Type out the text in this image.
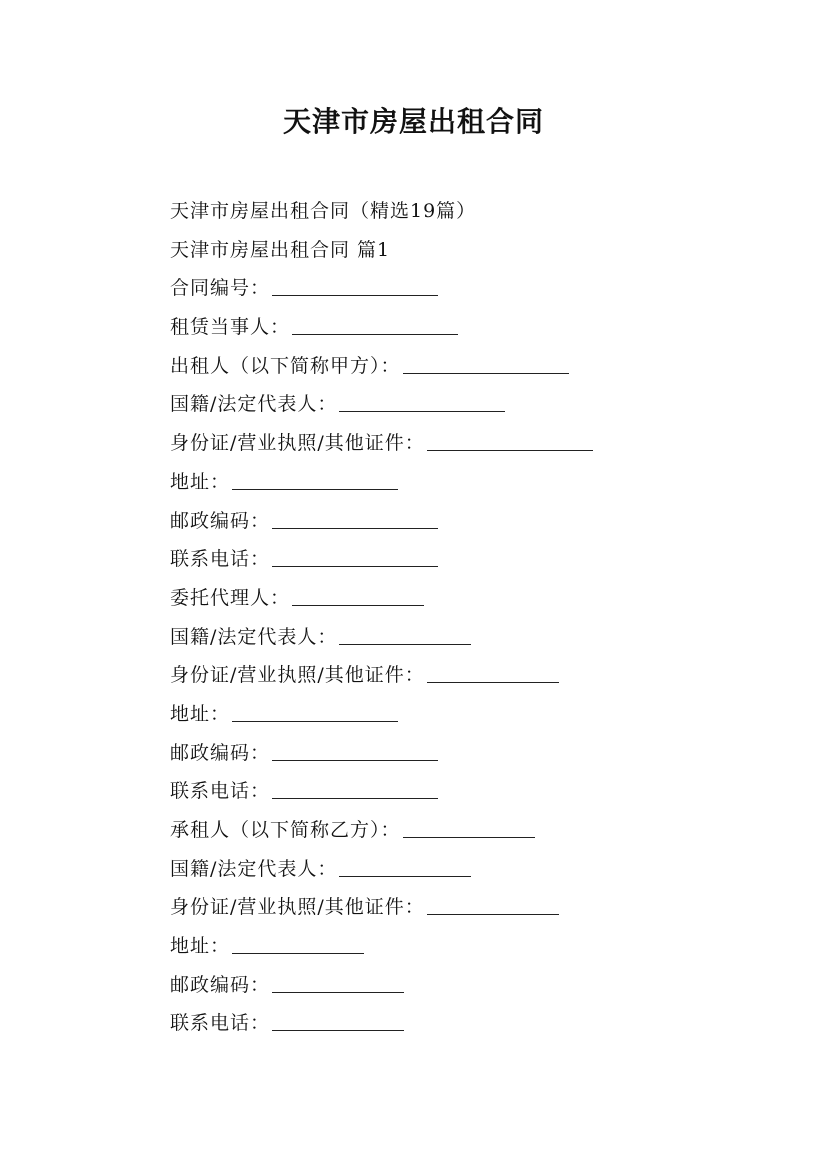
天津市房屋出租合同
天津市房屋出租合同（精选19篇）
天津市房屋出租合同 篇1
合同编号：
租赁当事人：
出租人（以下简称甲方）：
国籍/法定代表人：
身份证/营业执照/其他证件：
地址：
邮政编码：
联系电话：
委托代理人：
国籍/法定代表人：
身份证/营业执照/其他证件：
地址：
邮政编码：
联系电话：
承租人（以下简称乙方）：
国籍/法定代表人：
身份证/营业执照/其他证件：
地址：
邮政编码：
联系电话：
